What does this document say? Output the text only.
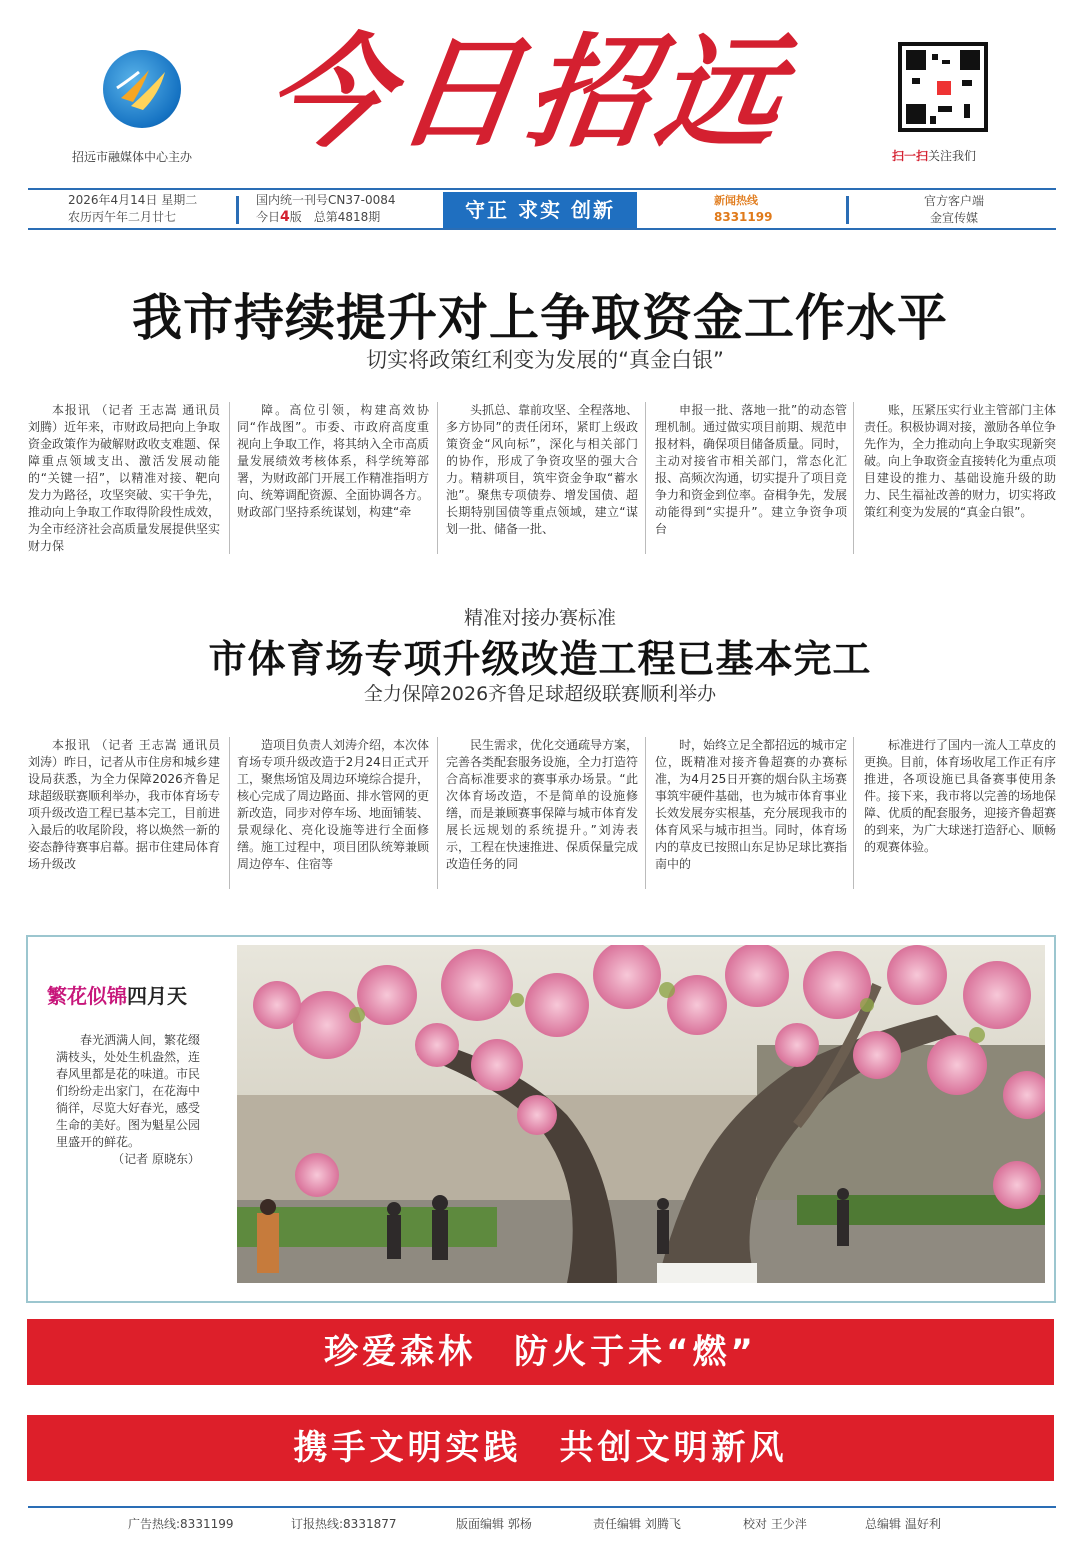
招远市融媒体中心主办 今日招远	扫一扫关注我们
2026年4月14日 星期二
农历丙午年二月廿七
国内统一刊号CN37-0084
今日4版　总第4818期	守正 求实 创新	新闻热线
8331199
官方客户端
金宣传媒
我市持续提升对上争取资金工作水平
切实将政策红利变为发展的“真金白银”

本报讯 （记者 王志嵩 通讯员 刘腾）近年来，市财政局把向上争取资金政策作为破解财政收支难题、保障重点领域支出、激活发展动能的“关键一招”，以精准对接、靶向发力为路径，攻坚突破、实干争先，推动向上争取工作取得阶段性成效，为全市经济社会高质量发展提供坚实财力保

障。高位引领，构建高效协同“作战图”。市委、市政府高度重视向上争取工作，将其纳入全市高质量发展绩效考核体系，科学统筹部署，为财政部门开展工作精准指明方向、统筹调配资源、全面协调各方。财政部门坚持系统谋划，构建“牵

头抓总、靠前攻坚、全程落地、多方协同”的责任闭环，紧盯上级政策资金“风向标”，深化与相关部门的协作，形成了争资攻坚的强大合力。精耕项目，筑牢资金争取“蓄水池”。聚焦专项债券、增发国债、超长期特别国债等重点领域，建立“谋划一批、储备一批、

申报一批、落地一批”的动态管理机制。通过做实项目前期、规范申报材料，确保项目储备质量。同时，主动对接省市相关部门，常态化汇报、高频次沟通，切实提升了项目竞争力和资金到位率。奋楫争先，发展动能得到“实提升”。建立争资争项台

账，压紧压实行业主管部门主体责任。积极协调对接，激励各单位争先作为，全力推动向上争取实现新突破。向上争取资金直接转化为重点项目建设的推力、基础设施升级的助力、民生福祉改善的财力，切实将政策红利变为发展的“真金白银”。

精准对接办赛标准
市体育场专项升级改造工程已基本完工
全力保障2026齐鲁足球超级联赛顺利举办

本报讯 （记者 王志嵩 通讯员 刘涛）昨日，记者从市住房和城乡建设局获悉，为全力保障2026齐鲁足球超级联赛顺利举办，我市体育场专项升级改造工程已基本完工，目前进入最后的收尾阶段，将以焕然一新的姿态静待赛事启幕。据市住建局体育场升级改

造项目负责人刘涛介绍，本次体育场专项升级改造于2月24日正式开工，聚焦场馆及周边环境综合提升，核心完成了周边路面、排水管网的更新改造，同步对停车场、地面铺装、景观绿化、亮化设施等进行全面修缮。施工过程中，项目团队统筹兼顾周边停车、住宿等

民生需求，优化交通疏导方案，完善各类配套服务设施，全力打造符合高标准要求的赛事承办场景。“此次体育场改造，不是简单的设施修缮，而是兼顾赛事保障与城市体育发展长远规划的系统提升。”刘涛表示，工程在快速推进、保质保量完成改造任务的同

时，始终立足全都招远的城市定位，既精准对接齐鲁超赛的办赛标准，为4月25日开赛的烟台队主场赛事筑牢硬件基础，也为城市体育事业长效发展夯实根基，充分展现我市的体育风采与城市担当。同时，体育场内的草皮已按照山东足协足球比赛指南中的

标准进行了国内一流人工草皮的更换。目前，体育场收尾工作正有序推进，各项设施已具备赛事使用条件。接下来，我市将以完善的场地保障、优质的配套服务，迎接齐鲁超赛的到来，为广大球迷打造舒心、顺畅的观赛体验。

繁花似锦四月天

春光洒满人间，繁花缀满枝头，处处生机盎然，连春风里都是花的味道。市民们纷纷走出家门，在花海中徜徉，尽览大好春光，感受生命的美好。图为魁星公园里盛开的鲜花。

（记者 原晓东）

珍爱森林　防火于未“燃”
携手文明实践　共创文明新风
广告热线:8331199	订报热线:8331877	版面编辑 郭杨	责任编辑 刘腾飞	校对 王少泮	总编辑 温好利
